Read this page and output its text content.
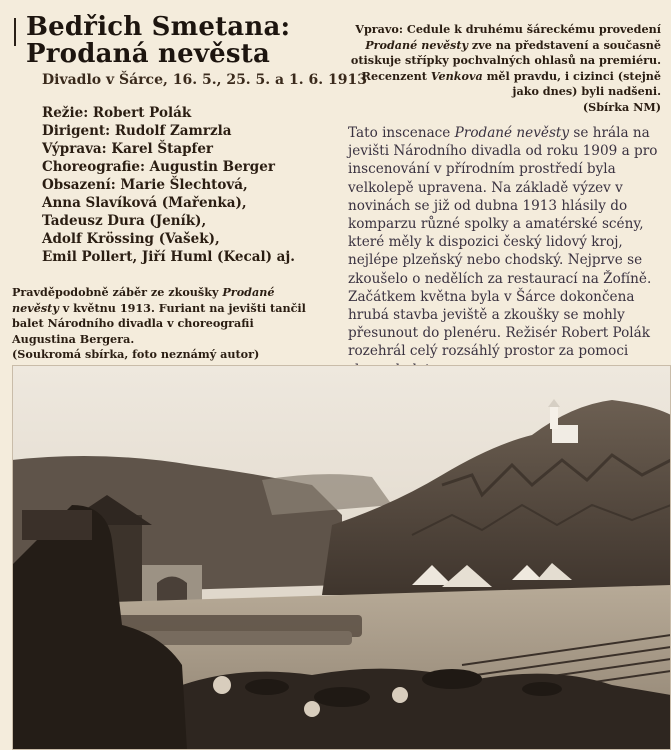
Bedřich Smetana:
Prodaná nevěsta
Divadlo v Šárce, 16. 5., 25. 5. a 1. 6. 1913
Režie: Robert Polák
Dirigent: Rudolf Zamrzla
Výprava: Karel Štapfer
Choreografie: Augustin Berger
Obsazení: Marie Šlechtová,
Anna Slavíková (Mařenka),
Tadeusz Dura (Jeník),
Adolf Krössing (Vašek),
Emil Pollert, Jiří Huml (Kecal) aj.
Pravděpodobně záběr ze zkoušky Prodané nevěsty v květnu 1913. Furiant na jevišti tančil balet Národního divadla v choreografii Augustina Bergera.
(Soukromá sbírka, foto neznámý autor)
Vpravo: Cedule k druhému šáreckému provedení Prodané nevěsty zve na představení a současně otiskuje střípky pochvalných ohlasů na premiéru. Recenzent Venkova měl pravdu, i cizinci (stejně jako dnes) byli nadšeni.
(Sbírka NM)
Tato inscenace Prodané nevěsty se hrála na jevišti Národního divadla od roku 1909 a pro inscenování v přírodním prostředí byla velkolepě upravena. Na základě výzev v novinách se již od dubna 1913 hlásily do komparzu různé spolky a amatérské scény, které měly k dispozici český lidový kroj, nejlépe plzeňský nebo chodský. Nejprve se zkoušelo o nedělích za restaurací na Žofíně. Začátkem května byla v Šárce dokončena hrubá stavba jeviště a zkoušky se mohly přesunout do plenéru. Režisér Robert Polák rozehrál celý rozsáhlý prostor za pomoci
